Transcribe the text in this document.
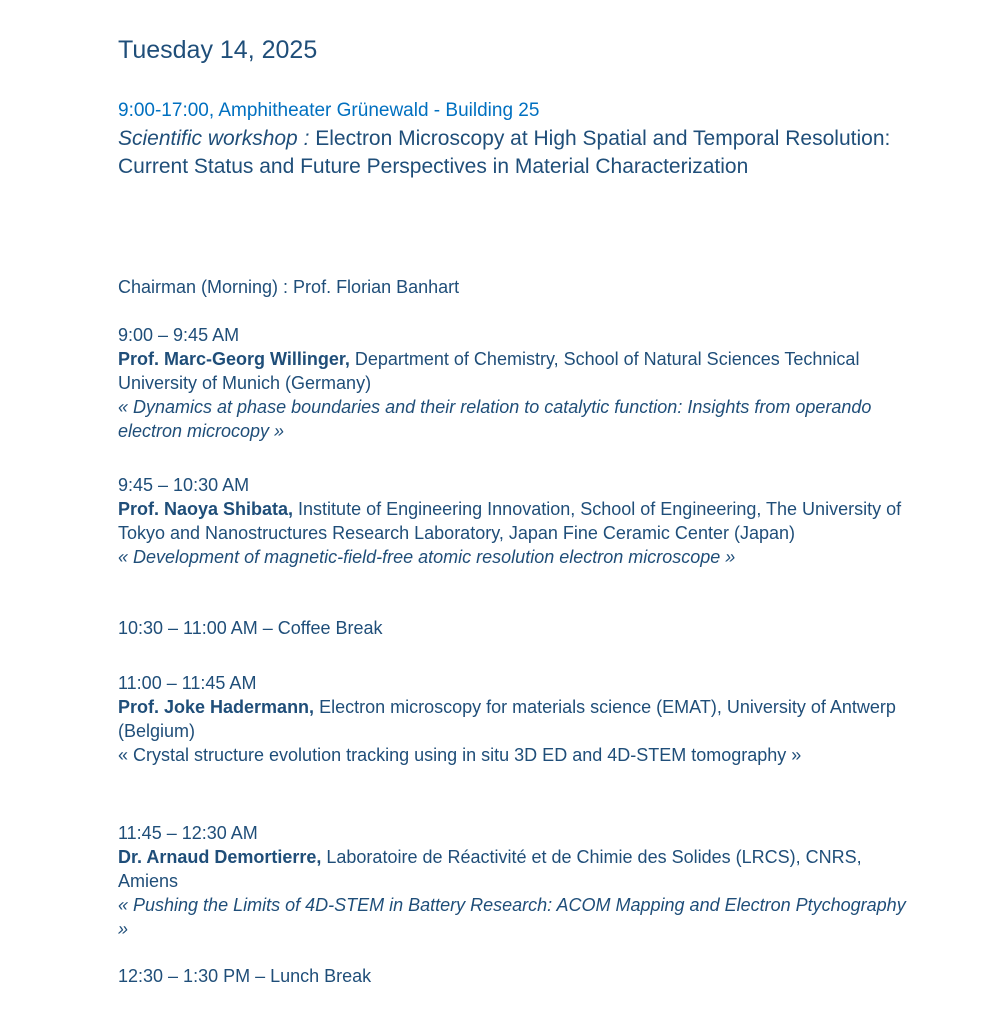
Tuesday 14, 2025
9:00-17:00, Amphitheater Grünewald - Building 25
Scientific workshop : Electron Microscopy at High Spatial and Temporal Resolution: Current Status and Future Perspectives in Material Characterization
Chairman (Morning) : Prof. Florian Banhart
9:00 – 9:45 AM
Prof. Marc-Georg Willinger, Department of Chemistry, School of Natural Sciences Technical University of Munich (Germany)
« Dynamics at phase boundaries and their relation to catalytic function: Insights from operando electron microcopy »
9:45 – 10:30 AM
Prof. Naoya Shibata, Institute of Engineering Innovation, School of Engineering, The University of Tokyo and Nanostructures Research Laboratory, Japan Fine Ceramic Center (Japan)
« Development of magnetic-field-free atomic resolution electron microscope »
10:30 – 11:00 AM – Coffee Break
11:00 – 11:45 AM
Prof. Joke Hadermann, Electron microscopy for materials science (EMAT), University of Antwerp (Belgium)
« Crystal structure evolution tracking using in situ 3D ED and 4D-STEM tomography »
11:45 – 12:30 AM
Dr. Arnaud Demortierre, Laboratoire de Réactivité et de Chimie des Solides (LRCS), CNRS, Amiens
« Pushing the Limits of 4D-STEM in Battery Research: ACOM Mapping and Electron Ptychography »
12:30 – 1:30 PM – Lunch Break
